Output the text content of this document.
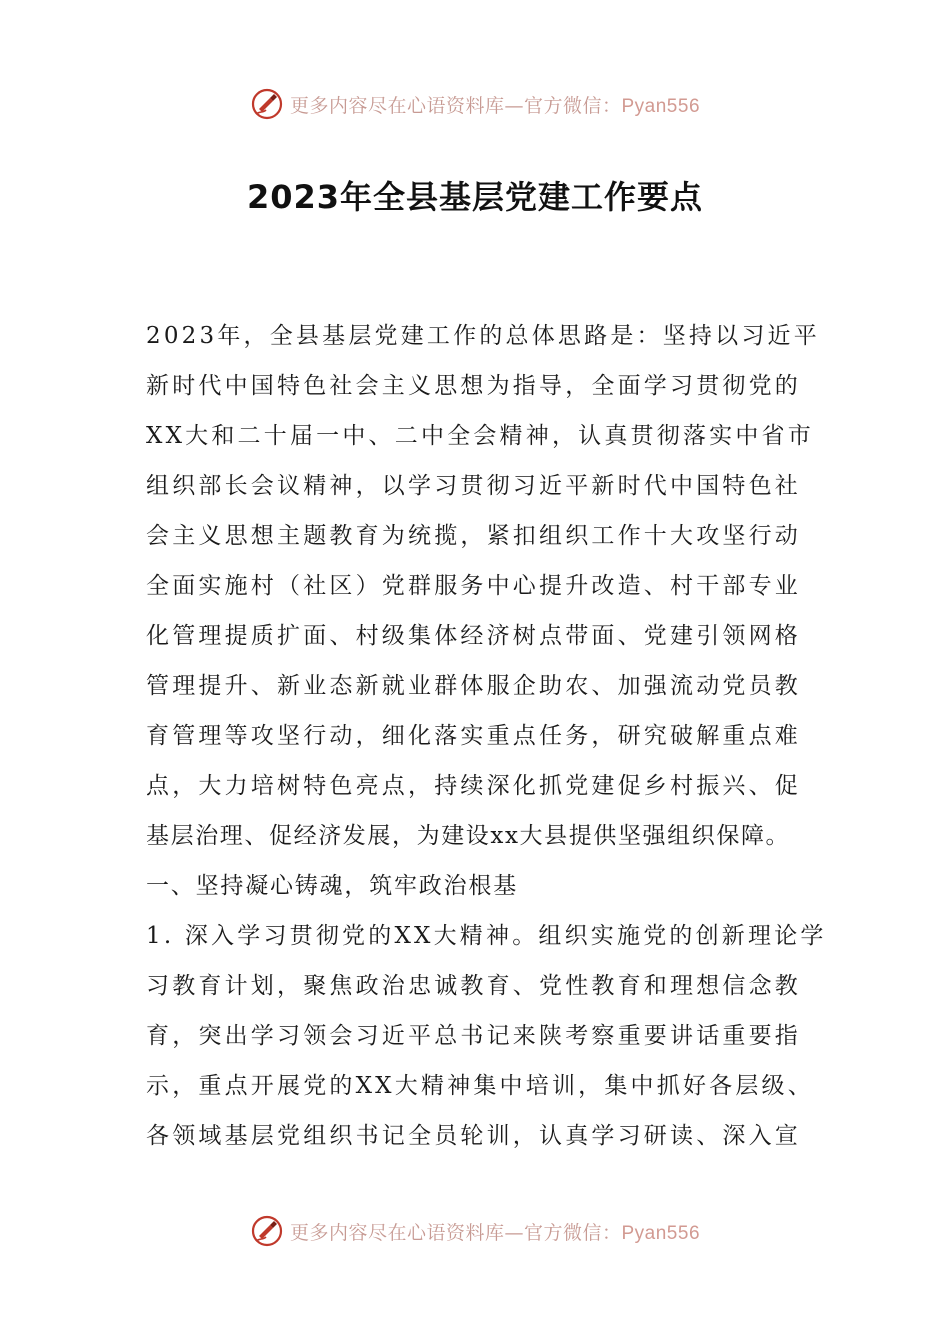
更多内容尽在心语资料库—官方微信：Pyan556
2023年全县基层党建工作要点
2023年，全县基层党建工作的总体思路是：坚持以习近平
新时代中国特色社会主义思想为指导，全面学习贯彻党的
XX大和二十届一中、二中全会精神，认真贯彻落实中省市
组织部长会议精神，以学习贯彻习近平新时代中国特色社
会主义思想主题教育为统揽，紧扣组织工作十大攻坚行动
全面实施村（社区）党群服务中心提升改造、村干部专业
化管理提质扩面、村级集体经济树点带面、党建引领网格
管理提升、新业态新就业群体服企助农、加强流动党员教
育管理等攻坚行动，细化落实重点任务，研究破解重点难
点，大力培树特色亮点，持续深化抓党建促乡村振兴、促
基层治理、促经济发展，为建设xx大县提供坚强组织保障。
一、坚持凝心铸魂，筑牢政治根基
1. 深入学习贯彻党的XX大精神。组织实施党的创新理论学
习教育计划，聚焦政治忠诚教育、党性教育和理想信念教
育，突出学习领会习近平总书记来陕考察重要讲话重要指
示，重点开展党的XX大精神集中培训，集中抓好各层级、
各领域基层党组织书记全员轮训，认真学习研读、深入宣
更多内容尽在心语资料库—官方微信：Pyan556
